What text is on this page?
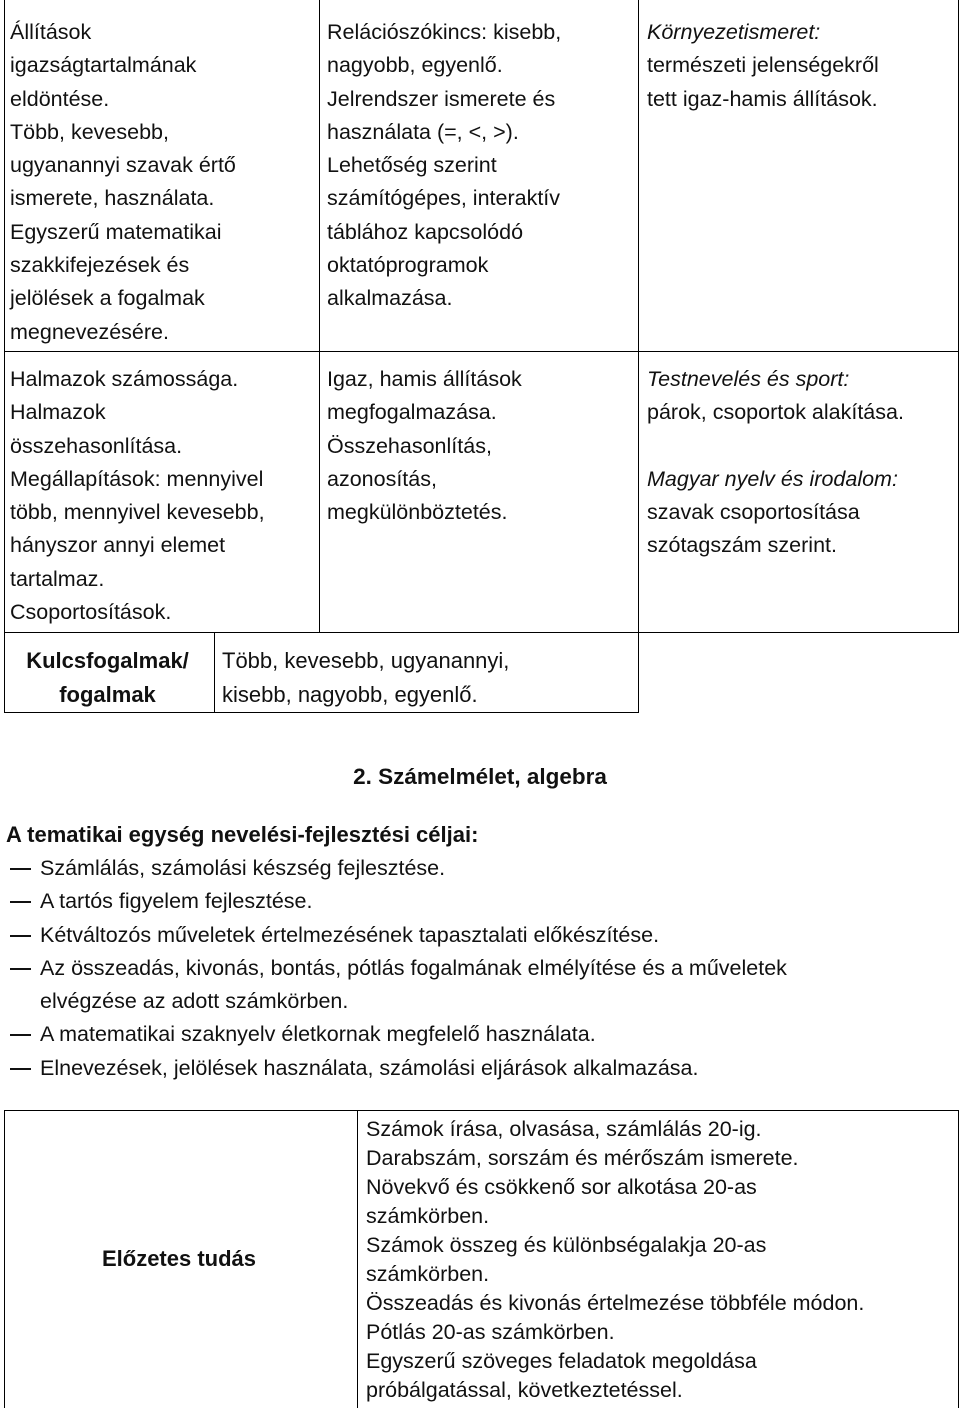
Állítások

igazságtartalmának

eldöntése.

Több, kevesebb,

ugyanannyi szavak értő

ismerete, használata.

Egyszerű matematikai

szakkifejezések és

jelölések a fogalmak

megnevezésére.

Relációszókincs: kisebb,

nagyobb, egyenlő.

Jelrendszer ismerete és

használata (=, <, >).

Lehetőség szerint

számítógépes, interaktív

táblához kapcsolódó

oktatóprogramok

alkalmazása.

Környezetismeret:

természeti jelenségekről

tett igaz-hamis állítások.

Halmazok számossága.

Halmazok

összehasonlítása.

Megállapítások: mennyivel

több, mennyivel kevesebb,

hányszor annyi elemet

tartalmaz.

Csoportosítások.

Igaz, hamis állítások

megfogalmazása.

Összehasonlítás,

azonosítás,

megkülönböztetés.

Testnevelés és sport:

párok, csoportok alakítása.

Magyar nyelv és irodalom:

szavak csoportosítása

szótagszám szerint.

Kulcsfogalmak/
fogalmak
Több, kevesebb, ugyanannyi,
kisebb, nagyobb, egyenlő.
2. Számelmélet, algebra
A tematikai egység nevelési-fejlesztési céljai:
Számlálás, számolási készség fejlesztése.
A tartós figyelem fejlesztése.
Kétváltozós műveletek értelmezésének tapasztalati előkészítése.
Az összeadás, kivonás, bontás, pótlás fogalmának elmélyítése és a műveletek
elvégzése az adott számkörben.
A matematikai szaknyelv életkornak megfelelő használata.
Elnevezések, jelölések használata, számolási eljárások alkalmazása.
Előzetes tudás
Számok írása, olvasása, számlálás 20-ig.
Darabszám, sorszám és mérőszám ismerete.
Növekvő és csökkenő sor alkotása 20-as
számkörben.
Számok összeg és különbségalakja 20-as
számkörben.
Összeadás és kivonás értelmezése többféle módon.
Pótlás 20-as számkörben.
Egyszerű szöveges feladatok megoldása
próbálgatással, következtetéssel.
